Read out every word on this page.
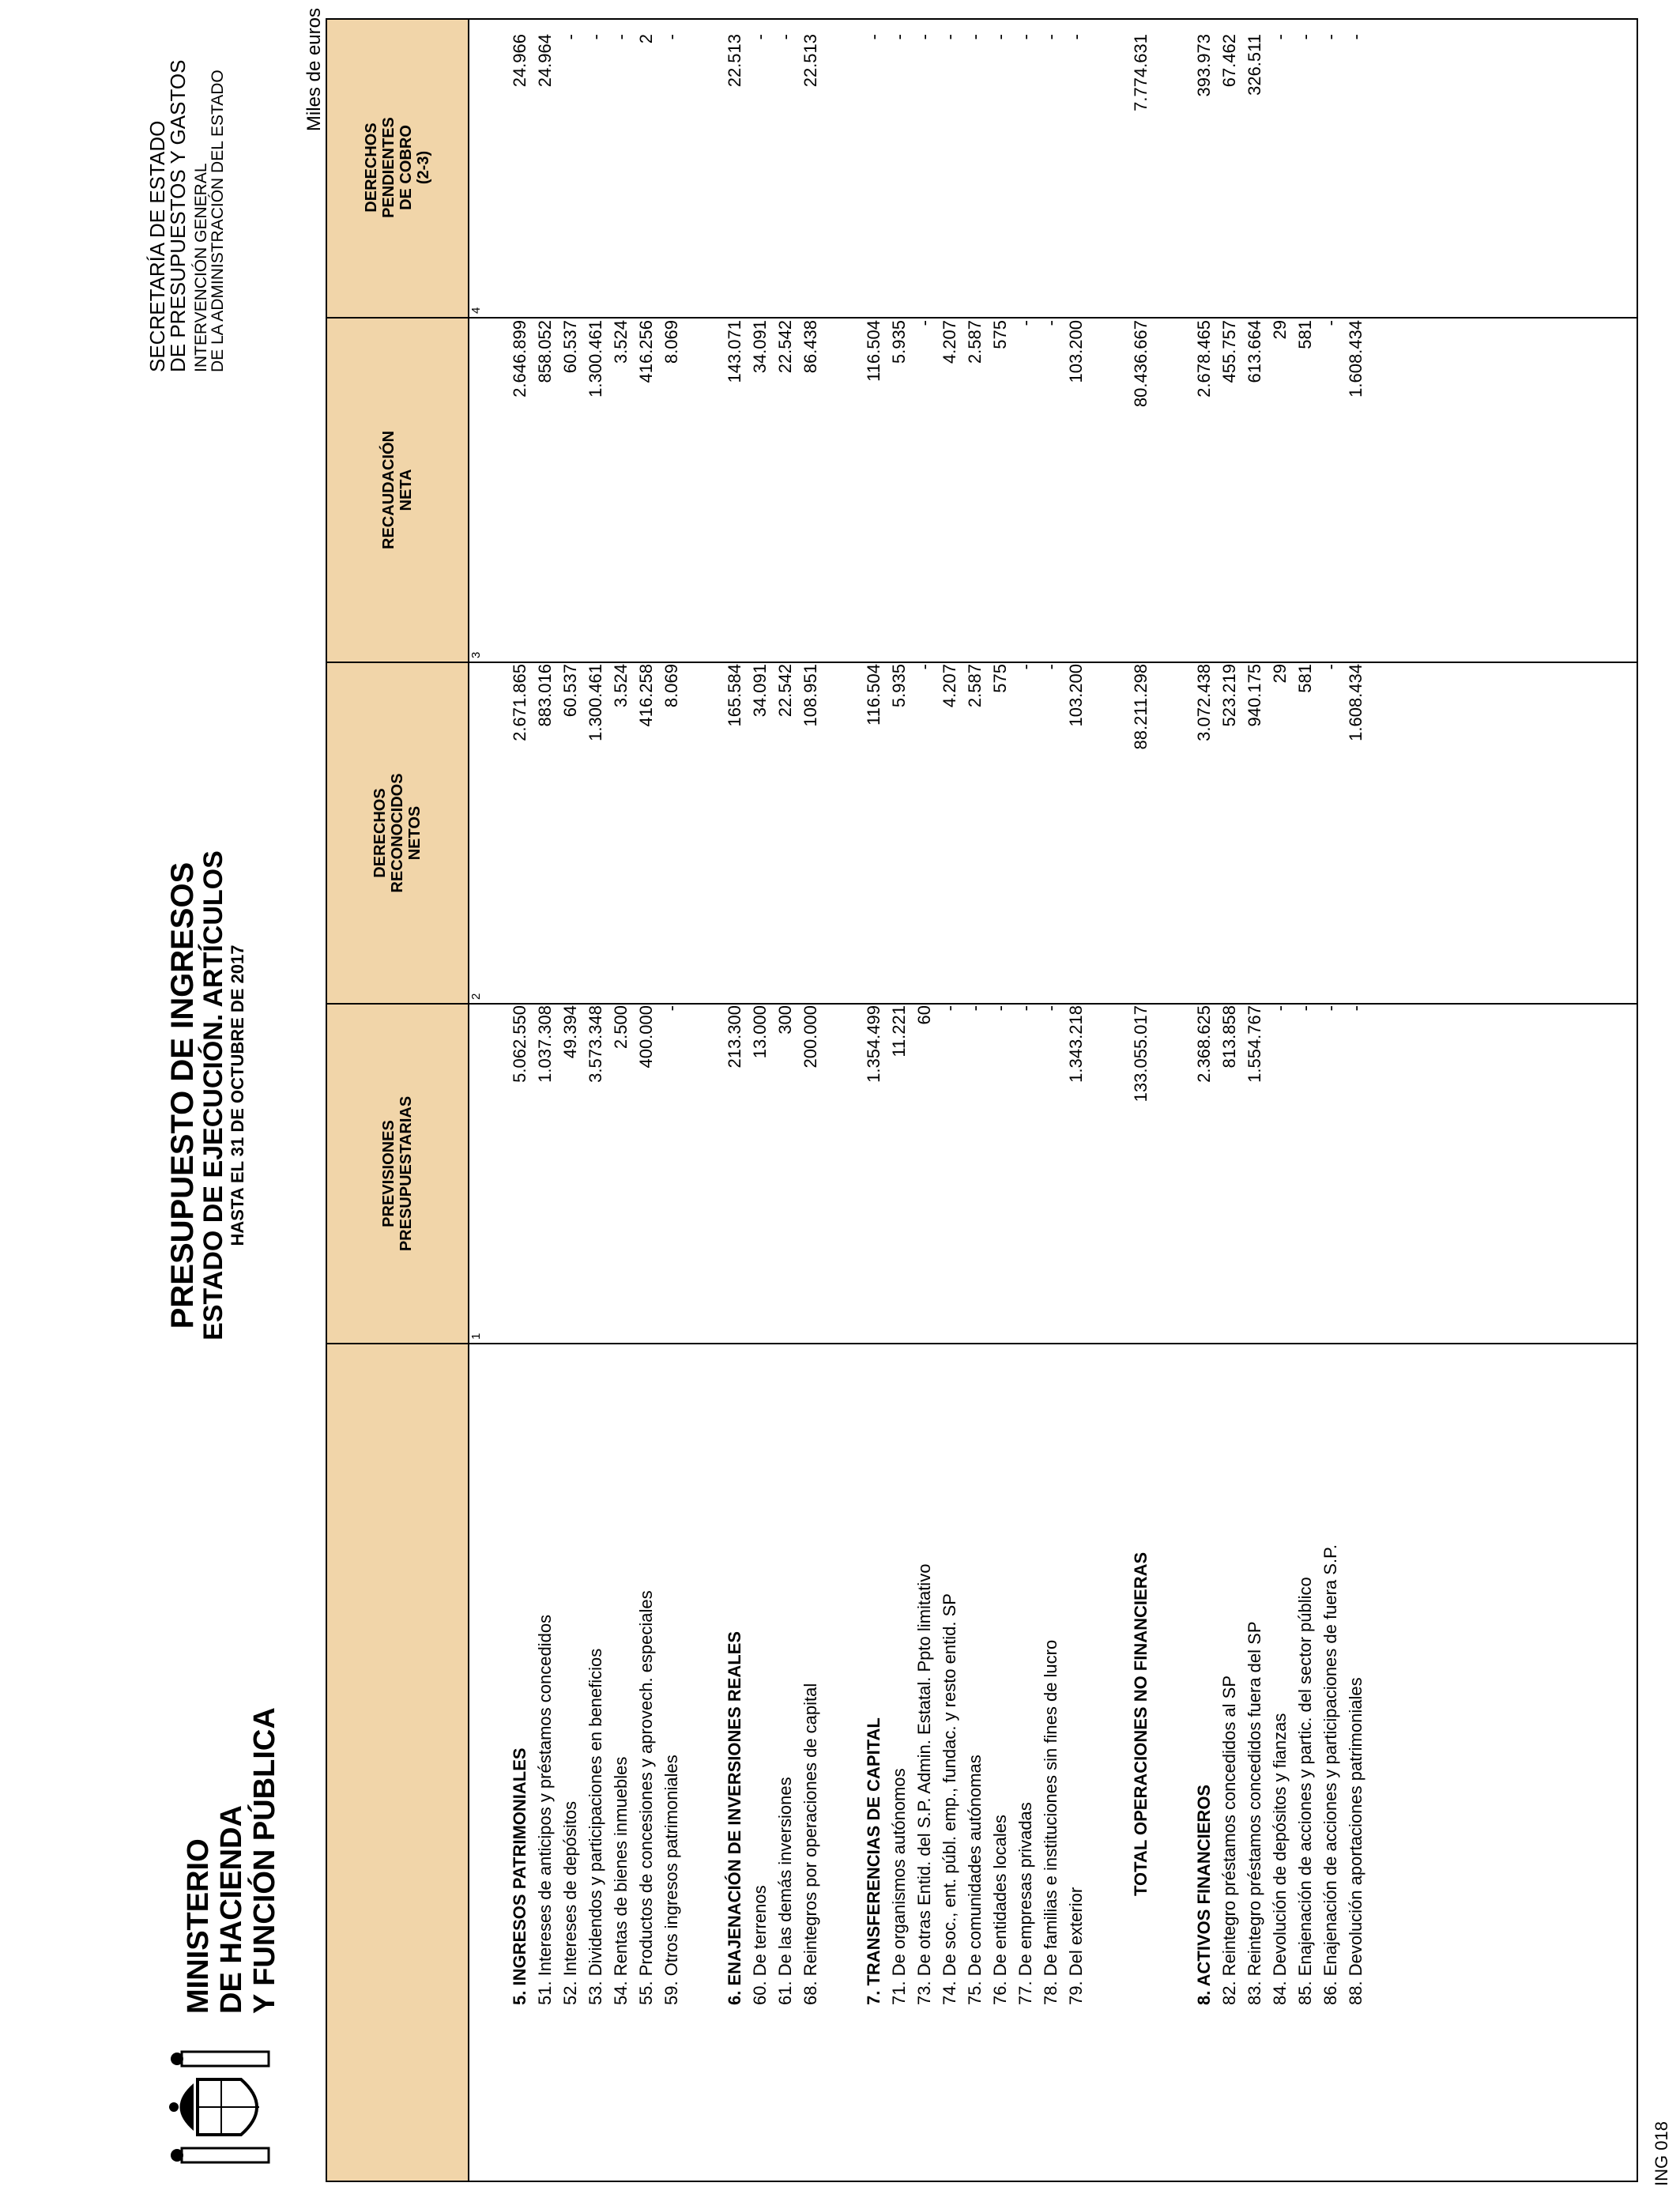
MINISTERIO DE HACIENDA Y FUNCIÓN PÚBLICA
PRESUPUESTO DE INGRESOS
ESTADO DE EJECUCIÓN. ARTÍCULOS HASTA EL 31 DE OCTUBRE DE 2017
SECRETARÍA DE ESTADO
DE PRESUPUESTOS Y GASTOS INTERVENCIÓN GENERAL
DE LA ADMINISTRACIÓN DEL ESTADO
Miles de euros
PREVISIONES
PRESUPUESTARIAS
DERECHOS
RECONOCIDOS
NETOS
RECAUDACIÓN
NETA
DERECHOS
PENDIENTES
DE COBRO
(2-3)
1
2
3
4
5. INGRESOS PATRIMONIALES
5.062.550
2.671.865
2.646.899
24.966
51. Intereses de anticipos y préstamos concedidos
1.037.308
883.016
858.052
24.964
52. Intereses de depósitos
49.394
60.537
60.537
-
53. Dividendos y participaciones en beneficios
3.573.348
1.300.461
1.300.461
-
54. Rentas de bienes inmuebles
2.500
3.524
3.524
-
55. Productos de concesiones y aprovech. especiales
400.000
416.258
416.256
2
59. Otros ingresos patrimoniales
-
8.069
8.069
-
6. ENAJENACIÓN DE INVERSIONES REALES
213.300
165.584
143.071
22.513
60. De terrenos
13.000
34.091
34.091
-
61. De las demás inversiones
300
22.542
22.542
-
68. Reintegros por operaciones de capital
200.000
108.951
86.438
22.513
7. TRANSFERENCIAS DE CAPITAL
1.354.499
116.504
116.504
-
71. De organismos autónomos
11.221
5.935
5.935
-
73. De otras Entid. del S.P. Admin. Estatal. Ppto limitativo
60
-
-
-
74. De soc., ent. públ. emp., fundac. y resto entid. SP
-
4.207
4.207
-
75. De comunidades autónomas
-
2.587
2.587
-
76. De entidades locales
-
575
575
-
77. De empresas privadas
-
-
-
-
78. De familias e instituciones sin fines de lucro
-
-
-
-
79. Del exterior
1.343.218
103.200
103.200
-
TOTAL OPERACIONES NO FINANCIERAS
133.055.017
88.211.298
80.436.667
7.774.631
8. ACTIVOS FINANCIEROS
2.368.625
3.072.438
2.678.465
393.973
82. Reintegro préstamos concedidos al SP
813.858
523.219
455.757
67.462
83. Reintegro préstamos concedidos fuera del SP
1.554.767
940.175
613.664
326.511
84. Devolución de depósitos y fianzas
-
29
29
-
85. Enajenación de acciones y partic. del sector público
-
581
581
-
86. Enajenación de acciones y participaciones de fuera S.P.
-
-
-
-
88. Devolución aportaciones patrimoniales
-
1.608.434
1.608.434
-
ING 018
